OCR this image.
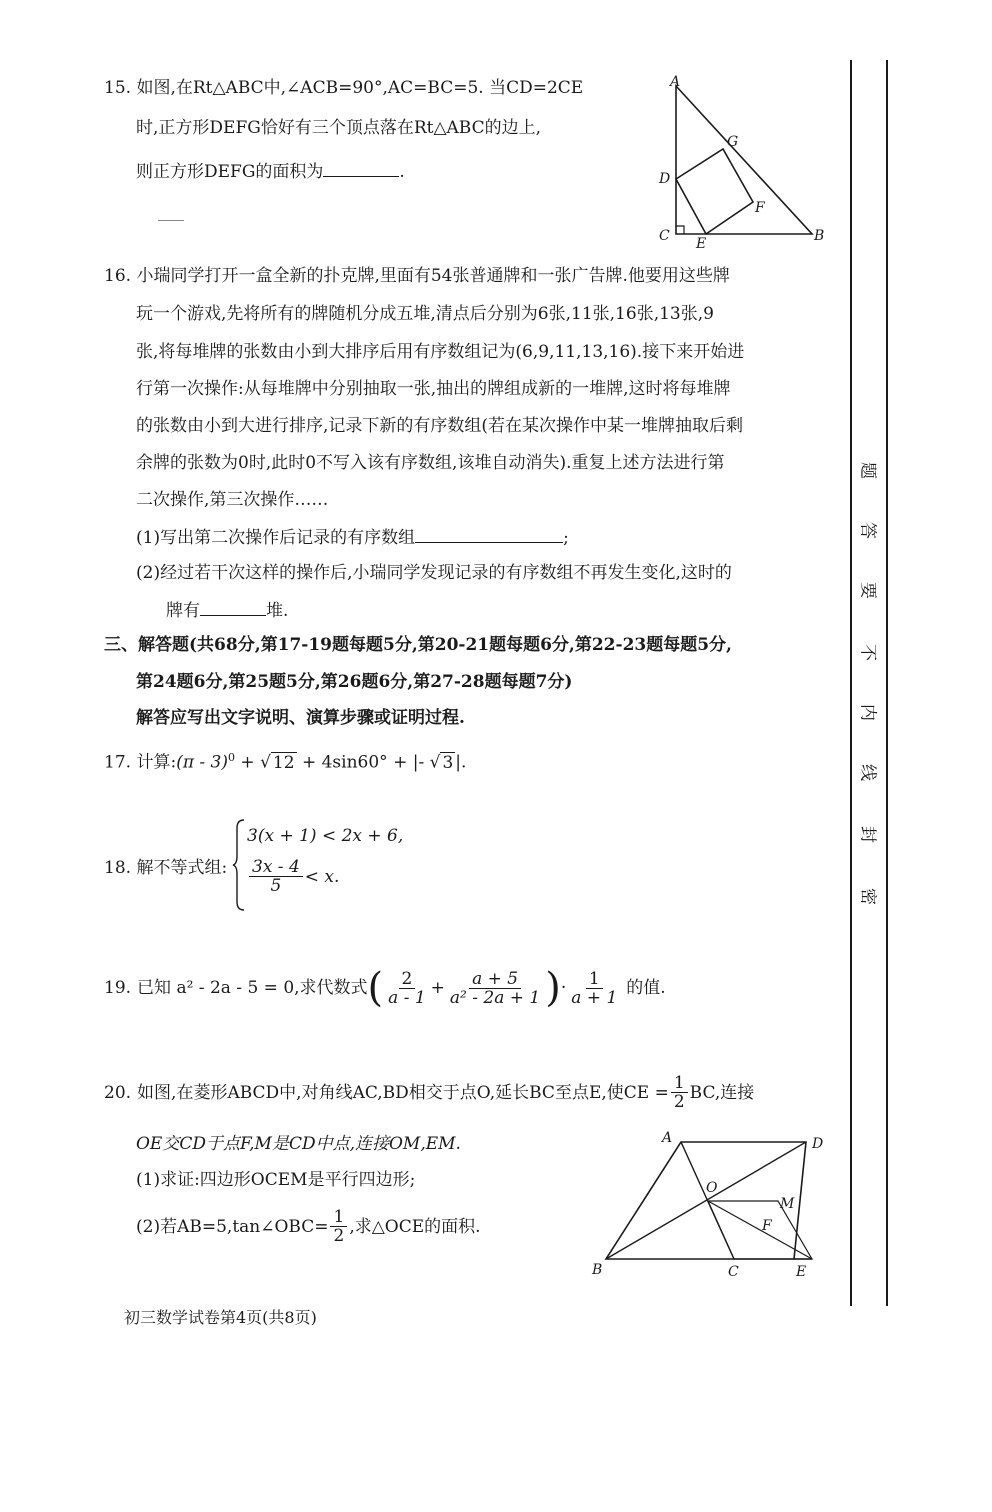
15. 如图,在Rt△ABC中,∠ACB=90°,AC=BC=5. 当CD=2CE
时,正方形DEFG恰好有三个顶点落在Rt△ABC的边上,
则正方形DEFG的面积为	.
A
B
C
D
E
F
G
16. 小瑞同学打开一盒全新的扑克牌,里面有54张普通牌和一张广告牌.他要用这些牌
玩一个游戏,先将所有的牌随机分成五堆,清点后分别为6张,11张,16张,13张,9
张,将每堆牌的张数由小到大排序后用有序数组记为(6,9,11,13,16).接下来开始进
行第一次操作:从每堆牌中分别抽取一张,抽出的牌组成新的一堆牌,这时将每堆牌
的张数由小到大进行排序,记录下新的有序数组(若在某次操作中某一堆牌抽取后剩
余牌的张数为0时,此时0不写入该有序数组,该堆自动消失).重复上述方法进行第
二次操作,第三次操作……
(1)写出第二次操作后记录的有序数组	;
(2)经过若干次这样的操作后,小瑞同学发现记录的有序数组不再发生变化,这时的
牌有	堆.
三、解答题(共68分,第17-19题每题5分,第20-21题每题6分,第22-23题每题5分,
第24题6分,第25题5分,第26题6分,第27-28题每题7分)
解答应写出文字说明、演算步骤或证明过程.
17. 计算:(π - 3)$^0$ + √ 12 + 4sin60° + |- √ 3 |.
18. 解不等式组:
3(x + 1) < 2x + 6,
$\frac{3x - 4}{5} < x$.
19. 已知 a² - 2a - 5 = 0,求代数式 ( $\frac{2}{a - 1} + \frac{a + 5}{\text{a² - 2a + 1}}$ ) · $\frac{1}{a + 1}$ 的值.
20. 如图,在菱形ABCD中,对角线AC,BD相交于点O,延长BC至点E,使CE = $\frac{1}{2}$ BC,连接
OE交CD于点F,M是CD中点,连接OM,EM.
(1)求证:四边形OCEM是平行四边形;
(2)若AB=5,tan∠OBC= $\frac{1}{2}$ ,求△OCE的面积.
A	D
B	C	E
O
M
F
初三数学试卷第4页(共8页)
题
答
要
不
内
线
封
密
